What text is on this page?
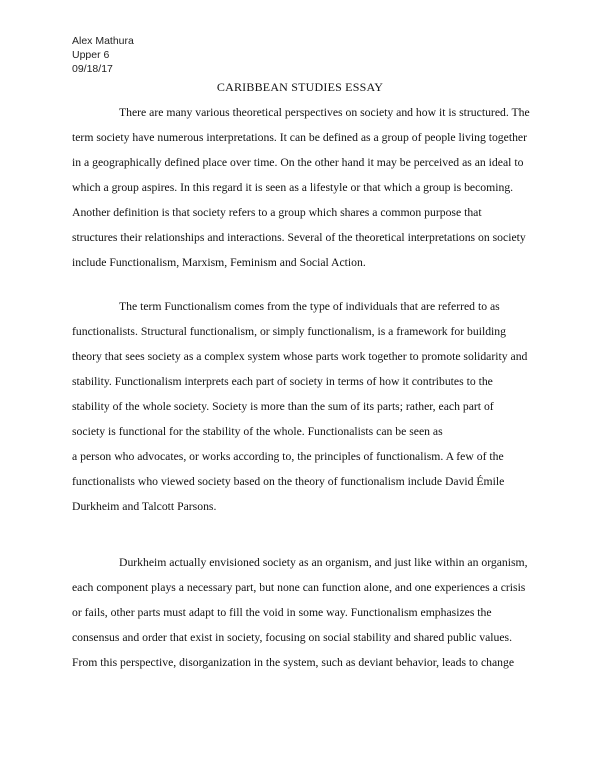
Alex Mathura
Upper 6
09/18/17
CARIBBEAN STUDIES ESSAY
There are many various theoretical perspectives on society and how it is structured. The
term society have numerous interpretations. It can be defined as a group of people living together
in a geographically defined place over time. On the other hand it may be perceived as an ideal to
which a group aspires. In this regard it is seen as a lifestyle or that which a group is becoming.
Another definition is that society refers to a group which shares a common purpose that
structures their relationships and interactions. Several of the theoretical interpretations on society
include Functionalism, Marxism, Feminism and Social Action.
The term Functionalism comes from the type of individuals that are referred to as
functionalists. Structural functionalism, or simply functionalism, is a framework for building
theory that sees society as a complex system whose parts work together to promote solidarity and
stability. Functionalism interprets each part of society in terms of how it contributes to the
stability of the whole society. Society is more than the sum of its parts; rather, each part of
society is functional for the stability of the whole. Functionalists can be seen as
a person who advocates, or works according to, the principles of functionalism. A few of the
functionalists who viewed society based on the theory of functionalism include David Émile
Durkheim and Talcott Parsons.
Durkheim actually envisioned society as an organism, and just like within an organism,
each component plays a necessary part, but none can function alone, and one experiences a crisis
or fails, other parts must adapt to fill the void in some way. Functionalism emphasizes the
consensus and order that exist in society, focusing on social stability and shared public values.
From this perspective, disorganization in the system, such as deviant behavior, leads to change
